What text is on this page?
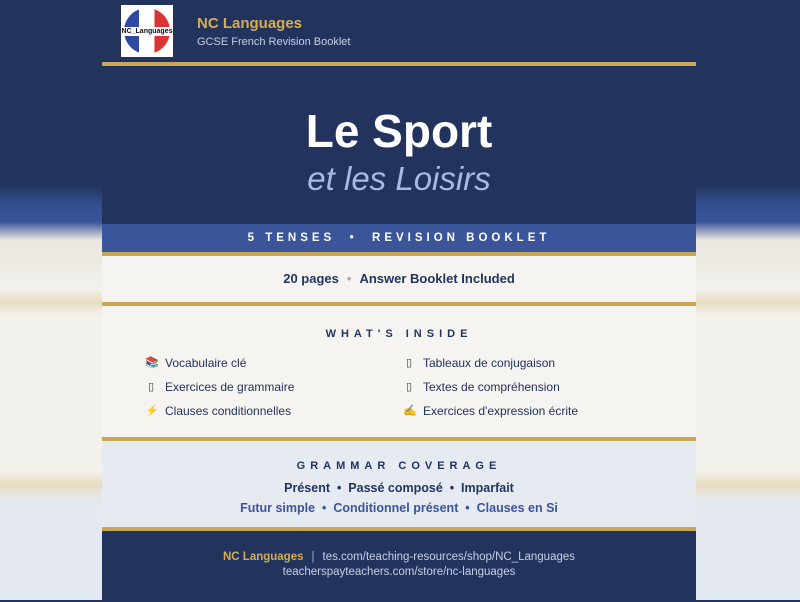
NC_Languages NC Languages
GCSE French Revision Booklet
Le Sport
et les Loisirs
5 TENSES  •  REVISION BOOKLET
20 pages • Answer Booklet Included
WHAT'S INSIDE
📚 Vocabulaire clé	▯ Tableaux de conjugaison
▯ Exercices de grammaire	▯ Textes de compréhension
⚡ Clauses conditionnelles	✍ Exercices d'expression écrite
GRAMMAR COVERAGE
Présent  •  Passé composé  •  Imparfait
Futur simple  •  Conditionnel présent  •  Clauses en Si
NC Languages | tes.com/teaching-resources/shop/NC_Languages
teacherspayteachers.com/store/nc-languages
